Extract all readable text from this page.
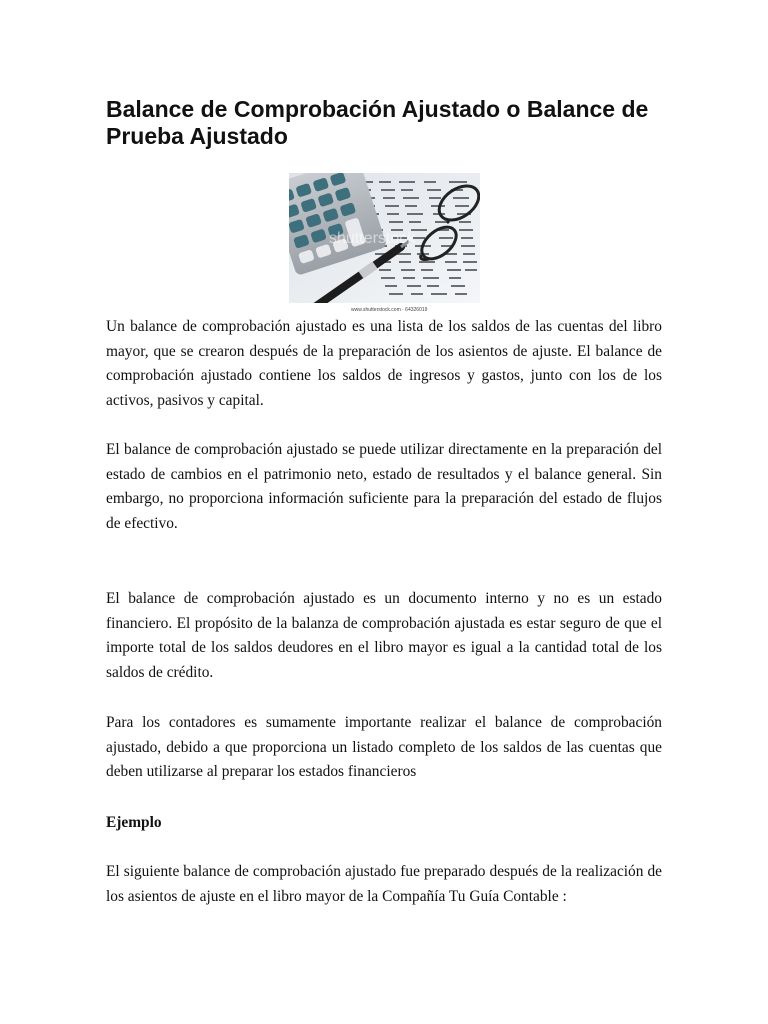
Balance de Comprobación Ajustado o Balance de Prueba Ajustado
shutterstock
www.shutterstock.com · 64326019

Un balance de comprobación ajustado es una lista de los saldos de las cuentas del libro mayor, que se crearon después de la preparación de los asientos de ajuste. El balance de comprobación ajustado contiene los saldos de ingresos y gastos, junto con los de los activos, pasivos y capital.

El balance de comprobación ajustado se puede utilizar directamente en la preparación del estado de cambios en el patrimonio neto, estado de resultados y el balance general. Sin embargo, no proporciona información suficiente para la preparación del estado de flujos de efectivo.

El balance de comprobación ajustado es un documento interno y no es un estado financiero. El propósito de la balanza de comprobación ajustada es estar seguro de que el importe total de los saldos deudores en el libro mayor es igual a la cantidad total de los saldos de crédito.

Para los contadores es sumamente importante realizar el balance de comprobación ajustado, debido a que proporciona un listado completo de los saldos de las cuentas que deben utilizarse al preparar los estados financieros

Ejemplo

El siguiente balance de comprobación ajustado fue preparado después de la realización de los asientos de ajuste en el libro mayor de la Compañía Tu Guía Contable :
